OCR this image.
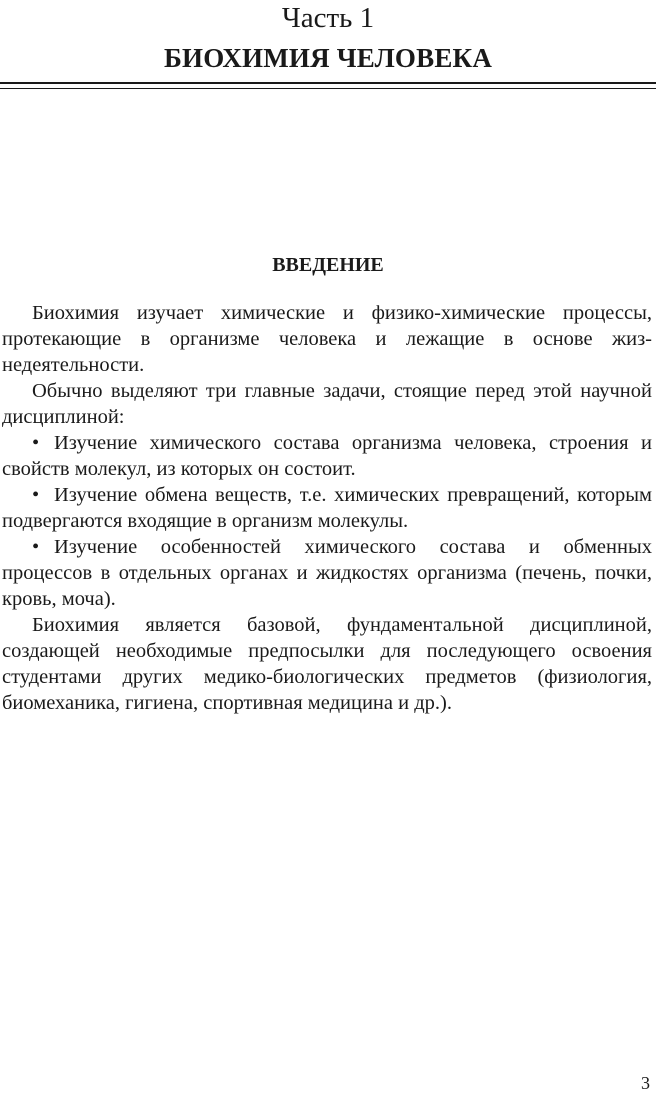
Часть 1
БИОХИМИЯ ЧЕЛОВЕКА
ВВЕДЕНИЕ

Биохимия изучает химические и физико-химические процессы, протекающие в организме человека и лежащие в основе жизнедеятельности.

Обычно выделяют три главные задачи, стоящие перед этой научной дисциплиной:

• Изучение химического состава организма человека, строения и свойств молекул, из которых он состоит.

• Изучение обмена веществ, т.е. химических превращений, которым подвергаются входящие в организм молекулы.

• Изучение особенностей химического состава и обменных процессов в отдельных органах и жидкостях организма (печень, почки, кровь, моча).

Биохимия является базовой, фундаментальной дисциплиной, создающей необходимые предпосылки для последующего освоения студентами других медико-биологических предметов (физиология, биомеханика, гигиена, спортивная медицина и др.).

3
